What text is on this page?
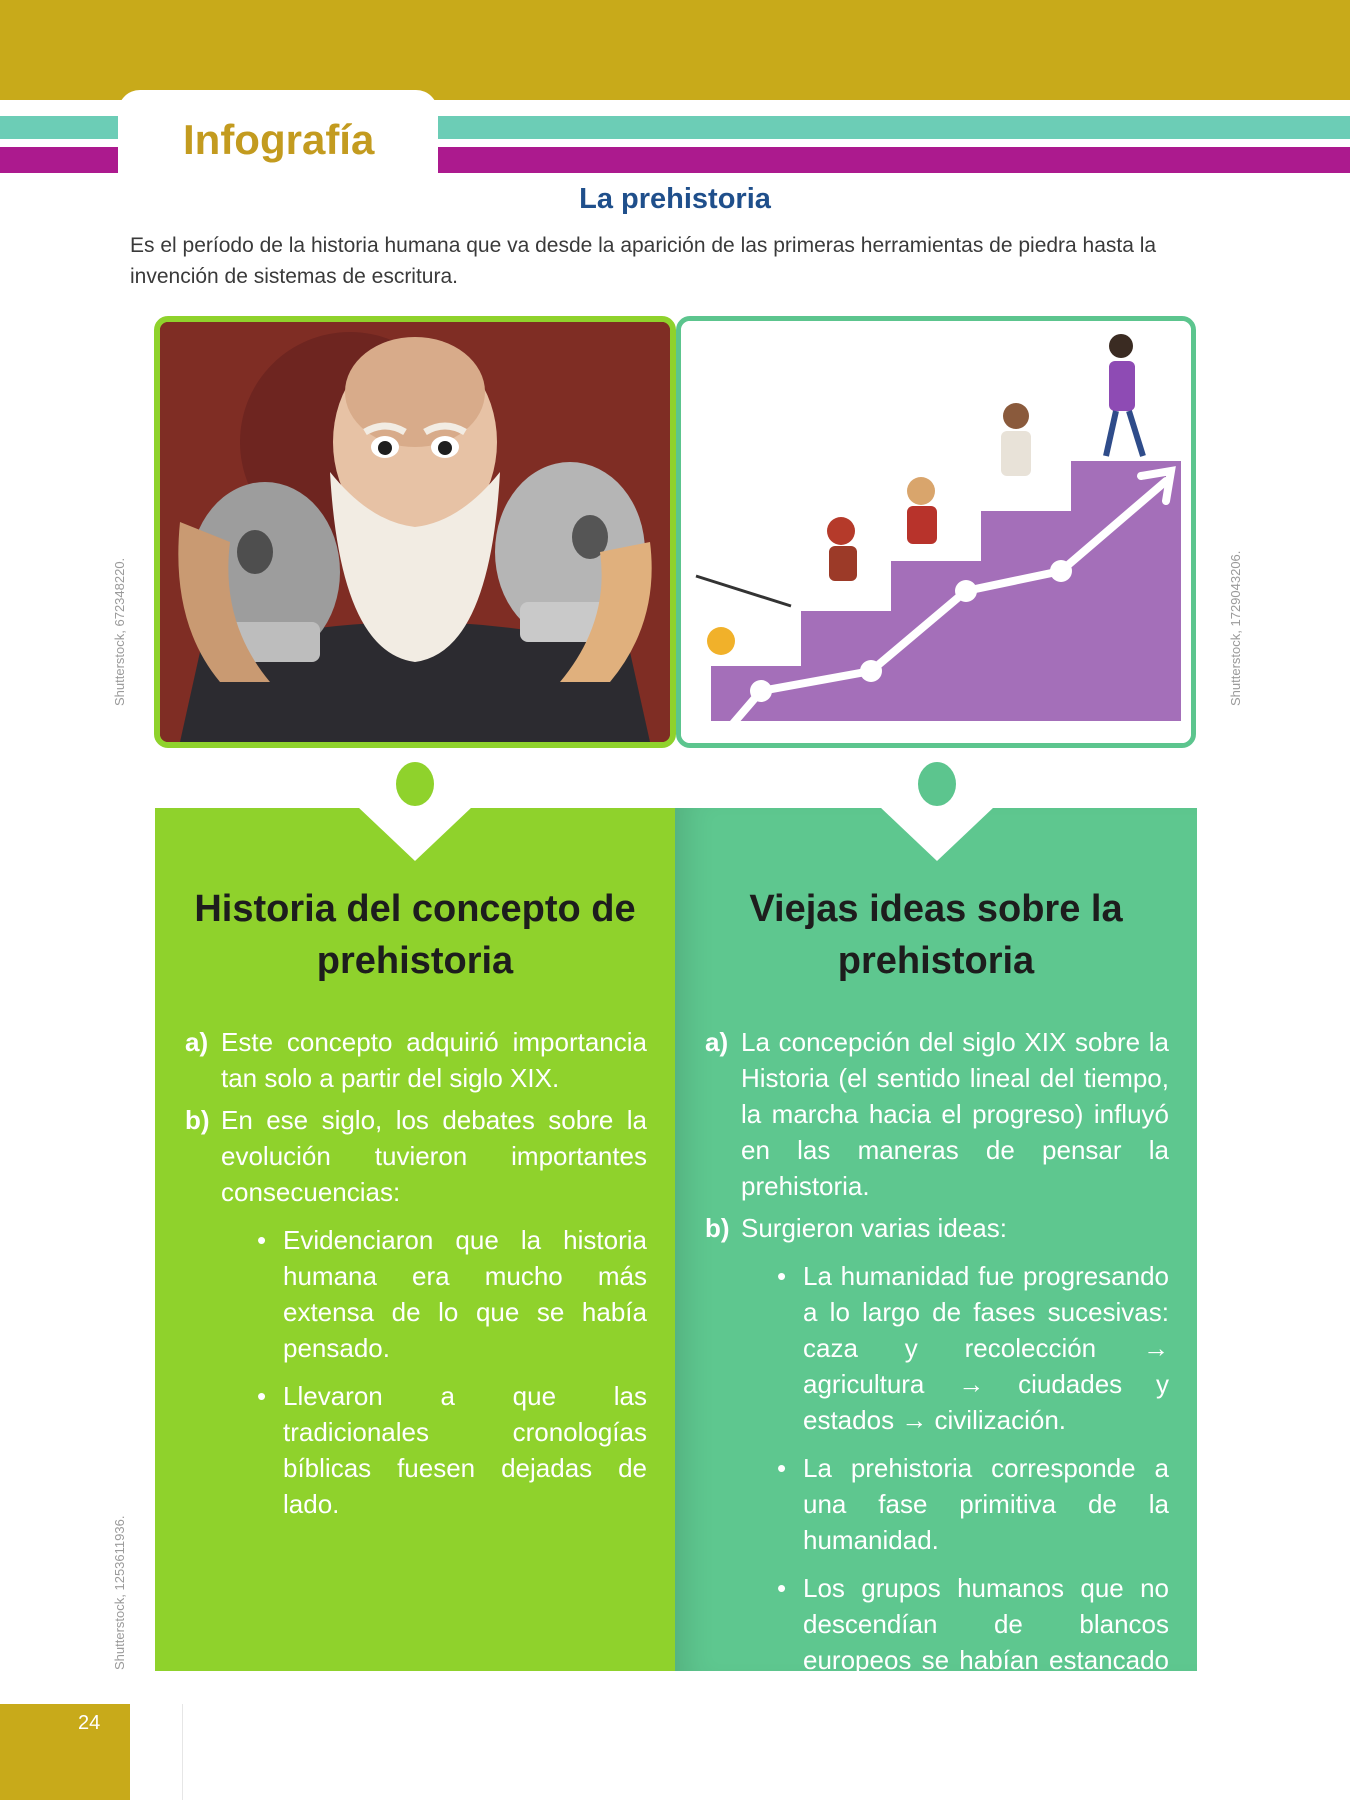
Infografía
La prehistoria

Es el período de la historia humana que va desde la aparición de las primeras herramientas de piedra hasta la invención de sistemas de escritura.

Shutterstock, 672348220.	Shutterstock, 1729043206.
Shutterstock, 1253611936.
Historia del concepto de prehistoria
a) Este concepto adquirió importancia tan solo a partir del siglo XIX.
b) En ese siglo, los debates sobre la evolución tuvieron importantes consecuencias:
• Evidenciaron que la historia humana era mucho más extensa de lo que se había pensado.
• Llevaron a que las tradicionales cronologías bíblicas fuesen dejadas de lado.
Viejas ideas sobre la prehistoria
a) La concepción del siglo XIX sobre la Historia (el sentido lineal del tiempo, la marcha hacia el progreso) influyó en las maneras de pensar la prehistoria.
b) Surgieron varias ideas:
• La humanidad fue progresando a lo largo de fases sucesivas: caza y recolección → agricultura → ciudades y estados → civilización.
• La prehistoria corresponde a una fase primitiva de la humanidad.
• Los grupos humanos que no descendían de blancos europeos se habían estancado en la marcha hacia el progreso.
24
